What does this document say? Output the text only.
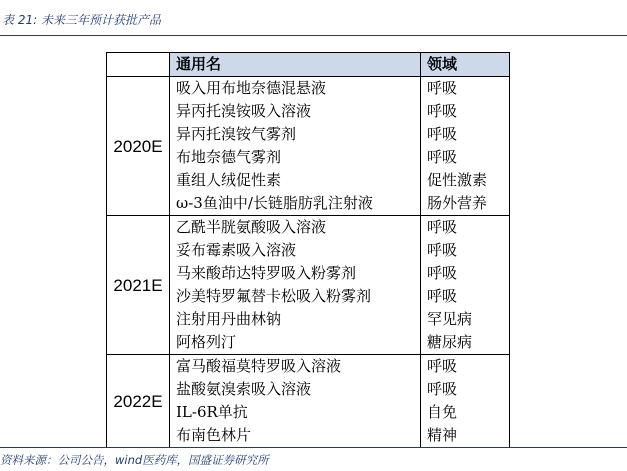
表 21: 未来三年预计获批产品
	通用名	领域
2020E	吸入用布地奈德混悬液	呼吸
	异丙托溴铵吸入溶液	呼吸
	异丙托溴铵气雾剂	呼吸
	布地奈德气雾剂	呼吸
	重组人绒促性素	促性激素
	ω-3鱼油中/长链脂肪乳注射液	肠外营养
2021E	乙酰半胱氨酸吸入溶液	呼吸
	妥布霉素吸入溶液	呼吸
	马来酸茚达特罗吸入粉雾剂	呼吸
	沙美特罗氟替卡松吸入粉雾剂	呼吸
	注射用丹曲林钠	罕见病
	阿格列汀	糖尿病
2022E	富马酸福莫特罗吸入溶液	呼吸
	盐酸氨溴索吸入溶液	呼吸
	IL-6R单抗	自免
	布南色林片	精神
资料来源：公司公告，wind医药库，国盛证券研究所
